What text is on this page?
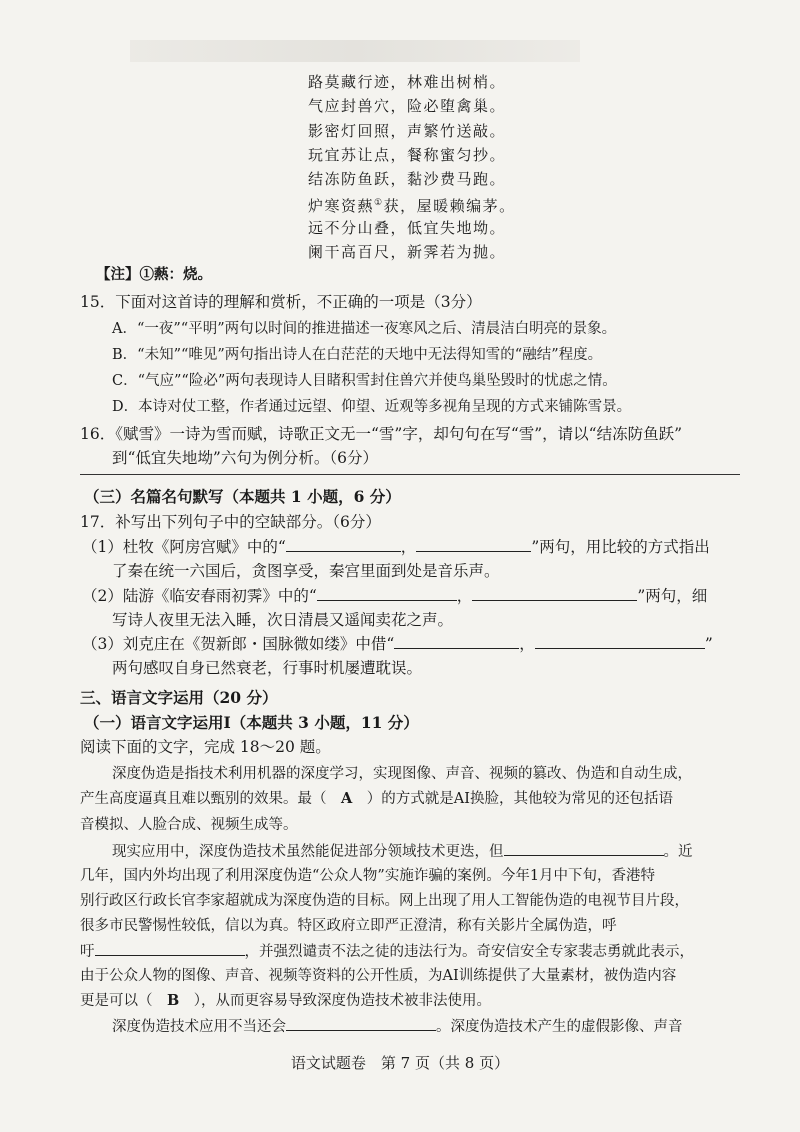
路莫藏行迹，林难出树梢。
气应封兽穴，险必堕禽巢。
影密灯回照，声繁竹送敲。
玩宜苏让点，餐称蜜匀抄。
结冻防鱼跃，黏沙费马跑。
炉寒资爇①获，屋暖赖编茅。
远不分山叠，低宜失地坳。
阑干高百尺，新霁若为抛。
【注】①爇：烧。
15．下面对这首诗的理解和赏析，不正确的一项是（3分）
A．“一夜”“平明”两句以时间的推进描述一夜寒风之后、清晨洁白明亮的景象。
B．“未知”“唯见”两句指出诗人在白茫茫的天地中无法得知雪的“融结”程度。
C．“气应”“险必”两句表现诗人目睹积雪封住兽穴并使鸟巢坠毁时的忧虑之情。
D．本诗对仗工整，作者通过远望、仰望、近观等多视角呈现的方式来铺陈雪景。
16．《赋雪》一诗为雪而赋，诗歌正文无一“雪”字，却句句在写“雪”，请以“结冻防鱼跃”
到“低宜失地坳”六句为例分析。（6分）
（三）名篇名句默写（本题共 1 小题，6 分）
17．补写出下列句子中的空缺部分。（6分）
（1）杜牧《阿房宫赋》中的“	，	”两句，用比较的方式指出
了秦在统一六国后，贪图享受，秦宫里面到处是音乐声。
（2）陆游《临安春雨初霁》中的“	，	”两句，细
写诗人夜里无法入睡，次日清晨又遥闻卖花之声。
（3）刘克庄在《贺新郎・国脉微如缕》中借“	，	”
两句感叹自身已然衰老，行事时机屡遭耽误。
三、语言文字运用（20 分）
（一）语言文字运用Ⅰ（本题共 3 小题，11 分）
阅读下面的文字，完成 18～20 题。
深度伪造是指技术利用机器的深度学习，实现图像、声音、视频的篡改、伪造和自动生成，
产生高度逼真且难以甄别的效果。最（　A　）的方式就是AI换脸，其他较为常见的还包括语
音模拟、人脸合成、视频生成等。
现实应用中，深度伪造技术虽然能促进部分领域技术更迭，但	。近
几年，国内外均出现了利用深度伪造“公众人物”实施诈骗的案例。今年1月中下旬，香港特
别行政区行政长官李家超就成为深度伪造的目标。网上出现了用人工智能伪造的电视节目片段，
很多市民警惕性较低，信以为真。特区政府立即严正澄清，称有关影片全属伪造，呼
吁	，并强烈谴责不法之徒的违法行为。奇安信安全专家裴志勇就此表示，
由于公众人物的图像、声音、视频等资料的公开性质，为AI训练提供了大量素材，被伪造内容
更是可以（　B　），从而更容易导致深度伪造技术被非法使用。
深度伪造技术应用不当还会	。深度伪造技术产生的虚假影像、声音
语文试题卷　第 7 页（共 8 页）
